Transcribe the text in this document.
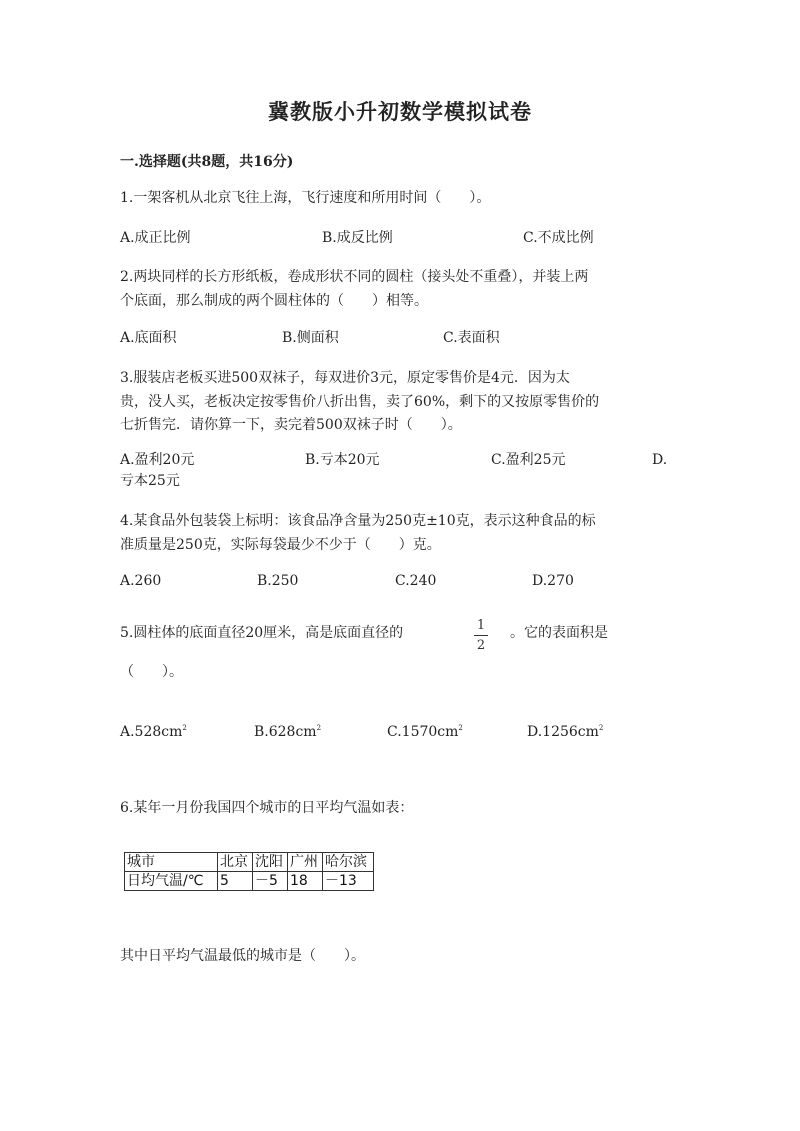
冀教版小升初数学模拟试卷
一.选择题(共8题，共16分)
1.一架客机从北京飞往上海，飞行速度和所用时间（　　）。
A.成正比例	B.成反比例	C.不成比例
2.两块同样的长方形纸板，卷成形状不同的圆柱（接头处不重叠），并装上两
个底面，那么制成的两个圆柱体的（　　）相等。
A.底面积	B.侧面积	C.表面积
3.服装店老板买进500双袜子，每双进价3元，原定零售价是4元．因为太
贵，没人买，老板决定按零售价八折出售，卖了60%，剩下的又按原零售价的
七折售完．请你算一下，卖完着500双袜子时（　　）。
A.盈利20元	B.亏本20元	C.盈利25元	D.
亏本25元
4.某食品外包装袋上标明：该食品净含量为250克±10克，表示这种食品的标
准质量是250克，实际每袋最少不少于（　　）克。
A.260	B.250	C.240	D.270
5.圆柱体的底面直径20厘米，高是底面直径的	1
2
。它的表面积是
（　　）。
$A.528cm^2$	$B.628cm^2$	$C.1570cm^2$	$D.1256cm^2$
6.某年一月份我国四个城市的日平均气温如表：
城市	北京	沈阳	广州	哈尔滨
日均气温/℃	5	－5	18	－13
其中日平均气温最低的城市是（　　）。
